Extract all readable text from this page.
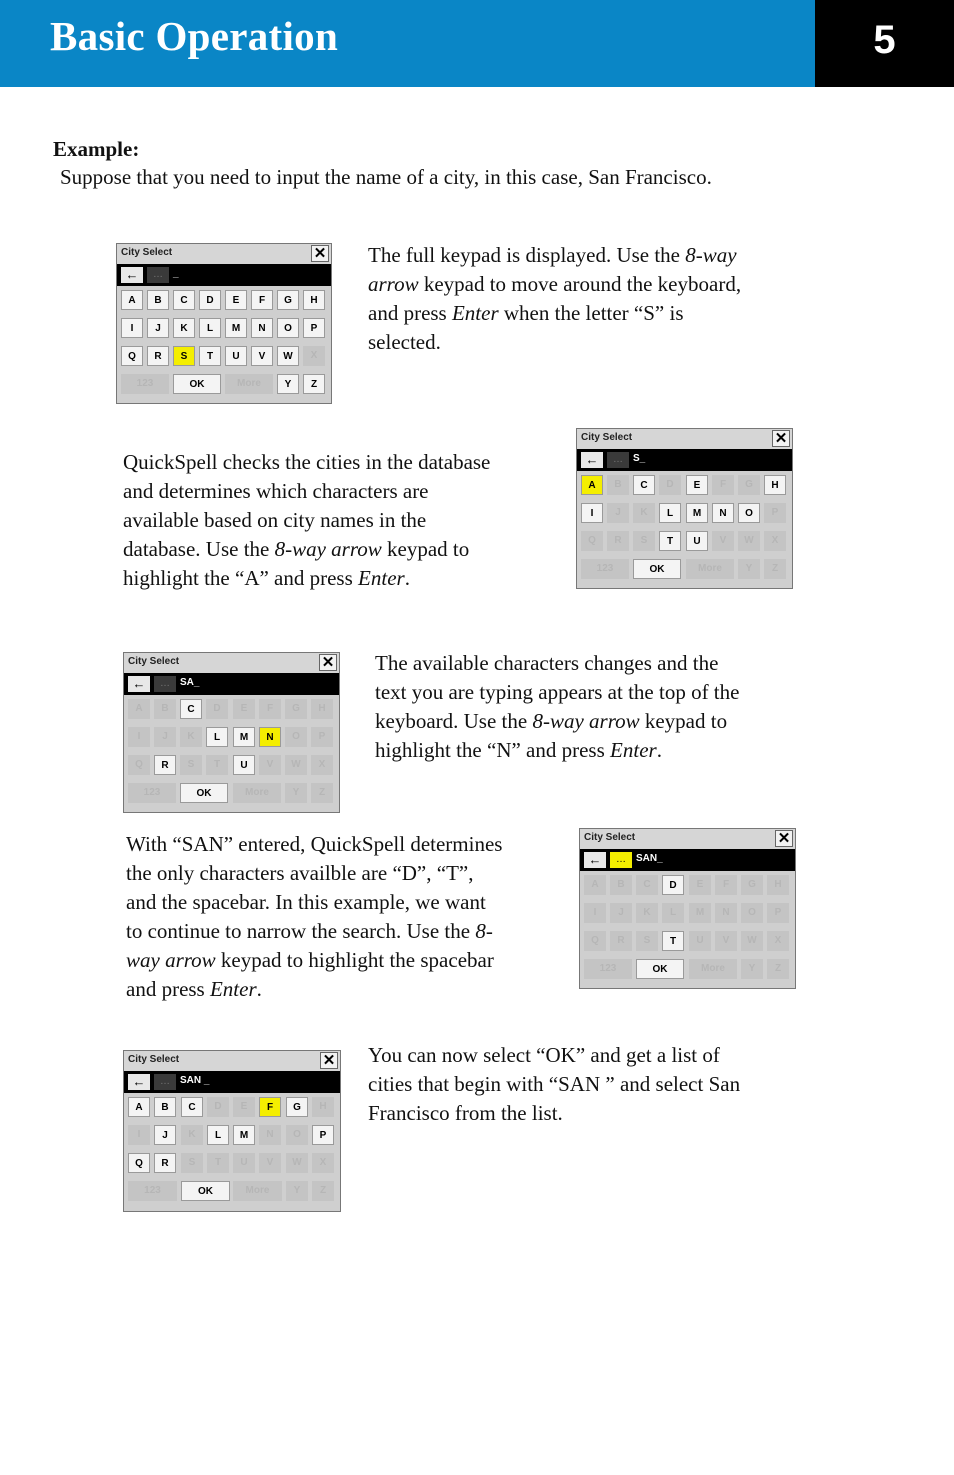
Basic Operation	5
Example:
Suppose that you need to input the name of a city, in this case, San Francisco.
City Select	✕
←	…	_
A	B	C	D	E	F	G	H
I	J	K	L	M	N	O	P
Q	R	S	T	U	V	W	X
123	OK	More	Y	Z
The full keypad is displayed. Use the 8-way
arrow keypad to move around the keyboard,
and press Enter when the letter “S” is
selected.
QuickSpell checks the cities in the database
and determines which characters are
available based on city names in the
database. Use the 8-way arrow keypad to
highlight the “A” and press Enter.
City Select	✕
←	…	S_
A	B	C	D	E	F	G	H
I	J	K	L	M	N	O	P
Q	R	S	T	U	V	W	X
123	OK	More	Y	Z
City Select	✕
←	…	SA_
A	B	C	D	E	F	G	H
I	J	K	L	M	N	O	P
Q	R	S	T	U	V	W	X
123	OK	More	Y	Z
The available characters changes and the
text you are typing appears at the top of the
keyboard. Use the 8-way arrow keypad to
highlight the “N” and press Enter.
With “SAN” entered, QuickSpell determines
the only characters availble are “D”, “T”,
and the spacebar. In this example, we want
to continue to narrow the search. Use the 8-
way arrow keypad to highlight the spacebar
and press Enter.
City Select	✕
←	…	SAN_
A	B	C	D	E	F	G	H
I	J	K	L	M	N	O	P
Q	R	S	T	U	V	W	X
123	OK	More	Y	Z
City Select	✕
←	…	SAN _
A	B	C	D	E	F	G	H
I	J	K	L	M	N	O	P
Q	R	S	T	U	V	W	X
123	OK	More	Y	Z
You can now select “OK” and get a list of
cities that begin with “SAN ” and select San
Francisco from the list.
